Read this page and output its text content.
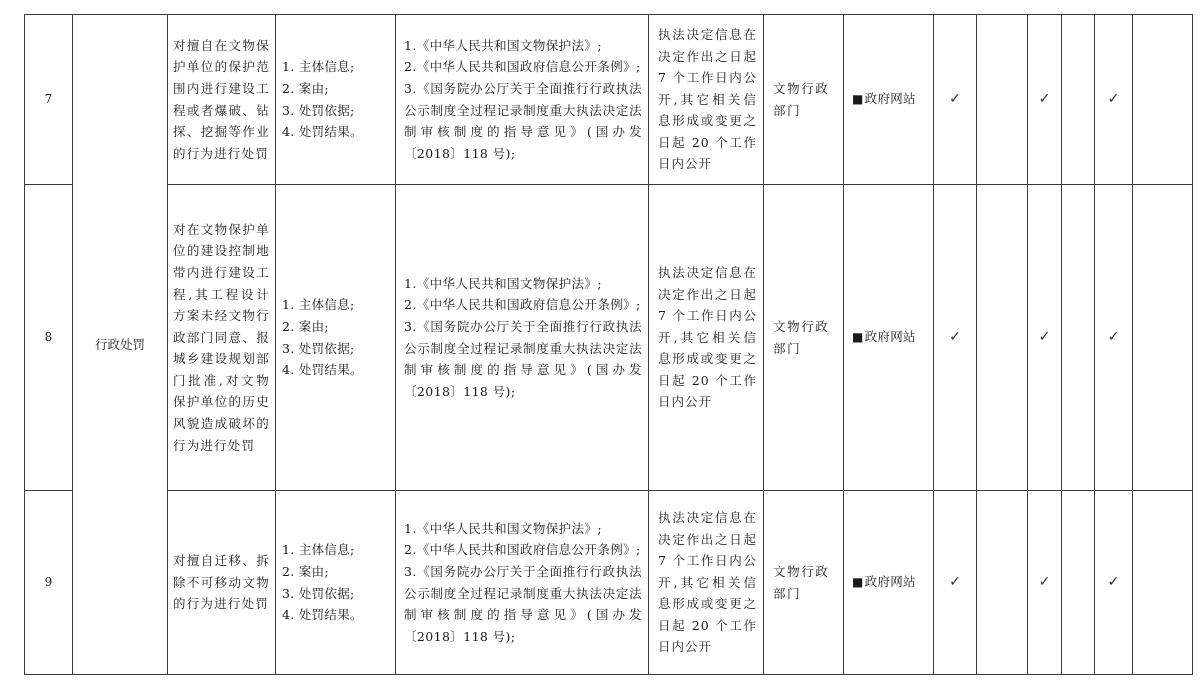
7	行政处罚	对擅自在文物保护单位的保护范围内进行建设工程或者爆破、钻探、挖掘等作业的行为进行处罚	1. 主体信息;
2. 案由;
3. 处罚依据;
4. 处罚结果。	1.《中华人民共和国文物保护法》;
2.《中华人民共和国政府信息公开条例》;
3.《国务院办公厅关于全面推行行政执法公示制度全过程记录制度重大执法决定法制审核制度的指导意见》(国办发〔2018〕118 号);	执法决定信息在决定作出之日起 7 个工作日内公开,其它相关信息形成或变更之日起 20 个工作日内公开	文物行政部门	■政府网站	✓		✓		✓	
8		对在文物保护单位的建设控制地带内进行建设工程,其工程设计方案未经文物行政部门同意、报城乡建设规划部门批准,对文物保护单位的历史风貌造成破坏的行为进行处罚	1. 主体信息;
2. 案由;
3. 处罚依据;
4. 处罚结果。	1.《中华人民共和国文物保护法》;
2.《中华人民共和国政府信息公开条例》;
3.《国务院办公厅关于全面推行行政执法公示制度全过程记录制度重大执法决定法制审核制度的指导意见》(国办发〔2018〕118 号);	执法决定信息在决定作出之日起 7 个工作日内公开,其它相关信息形成或变更之日起 20 个工作日内公开	文物行政部门	■政府网站	✓		✓		✓	
9		对擅自迁移、拆除不可移动文物的行为进行处罚	1. 主体信息;
2. 案由;
3. 处罚依据;
4. 处罚结果。	1.《中华人民共和国文物保护法》;
2.《中华人民共和国政府信息公开条例》;
3.《国务院办公厅关于全面推行行政执法公示制度全过程记录制度重大执法决定法制审核制度的指导意见》(国办发〔2018〕118 号);	执法决定信息在决定作出之日起 7 个工作日内公开,其它相关信息形成或变更之日起 20 个工作日内公开	文物行政部门	■政府网站	✓		✓		✓	
